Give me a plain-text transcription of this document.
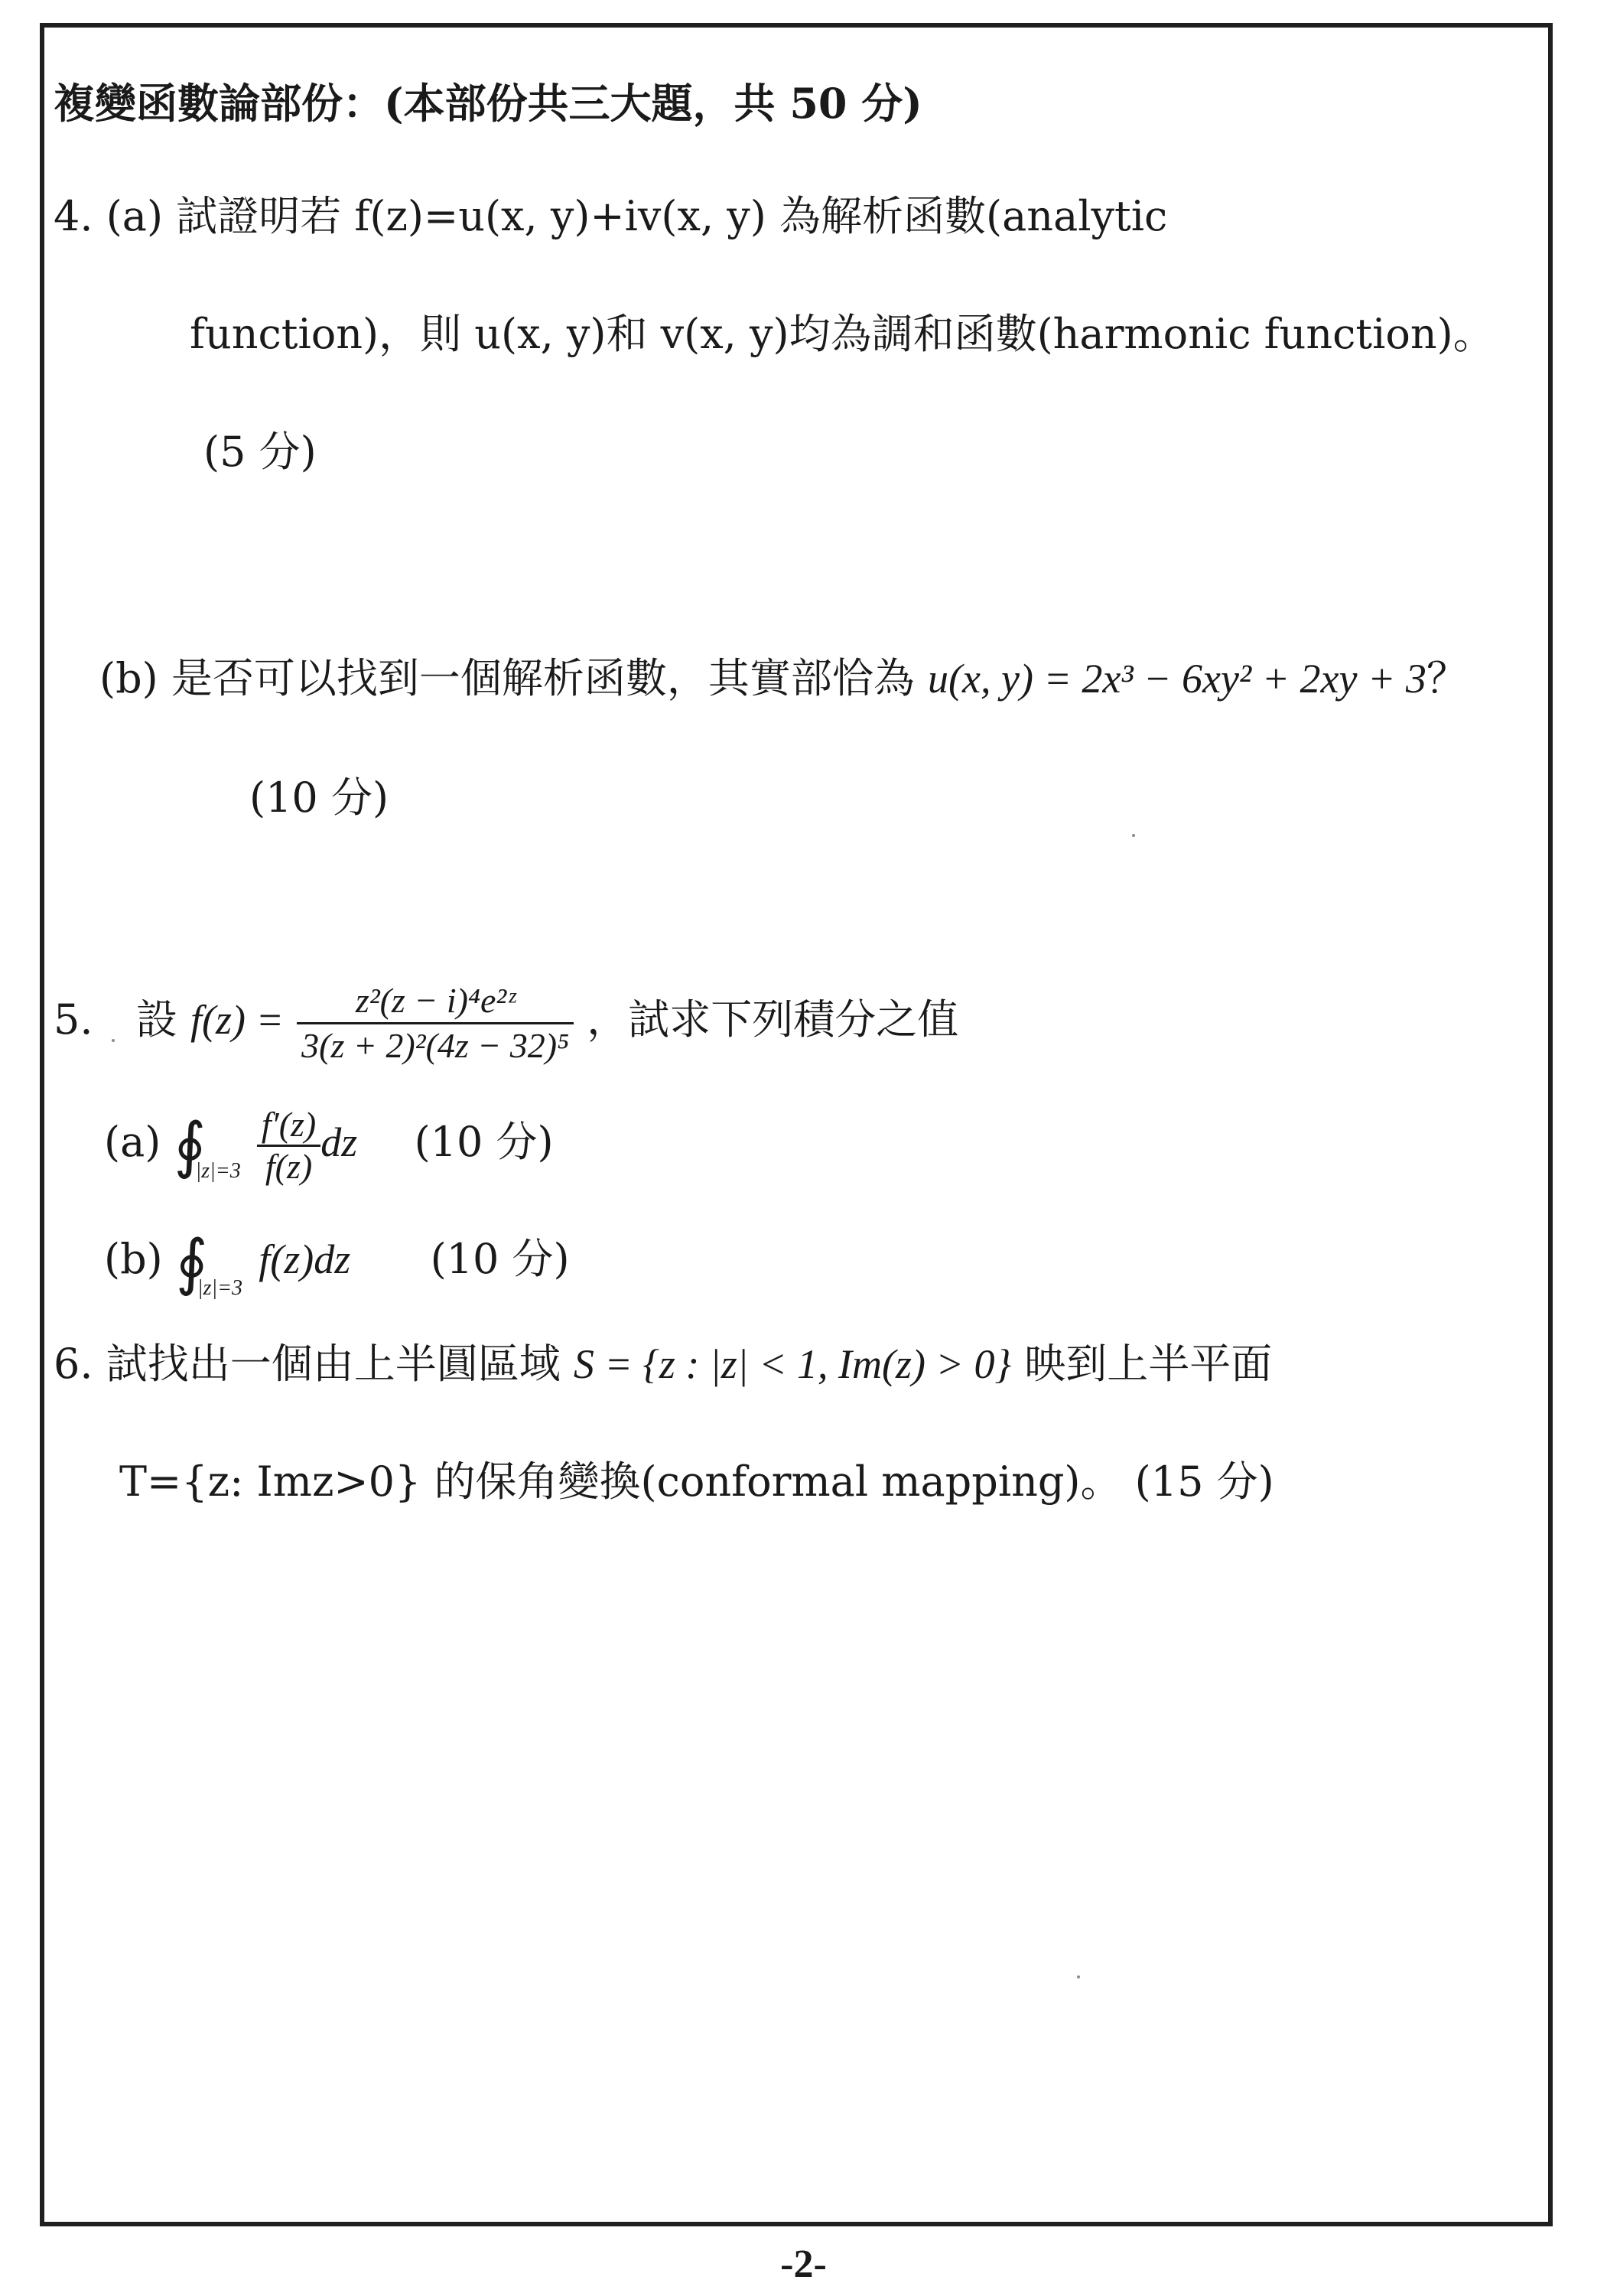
複變函數論部份：(本部份共三大題，共 50 分)
4. (a) 試證明若 f(z)=u(x, y)+iv(x, y) 為解析函數(analytic
function)，則 u(x, y)和 v(x, y)均為調和函數(harmonic function)。
(5 分)
(b) 是否可以找到一個解析函數，其實部恰為 u(x, y) = 2x³ − 6xy² + 2xy + 3？
(10 分)
5. 設 $f(z) = \frac{\text{z²(z − i)⁴e²ᶻ}}{\text{3(z + 2)²(4z − 32)⁵}}$ ，試求下列積分之值
(a) ∮
|z|=3
$\frac{f'(z)}{f(z)}$ dz (10 分)
(b) ∮
|z|=3
f(z)dz (10 分)
6. 試找出一個由上半圓區域 S = {z : |z| < 1, Im(z) > 0} 映到上半平面
T={z: Imz>0} 的保角變換(conformal mapping)。 (15 分)
-2-
